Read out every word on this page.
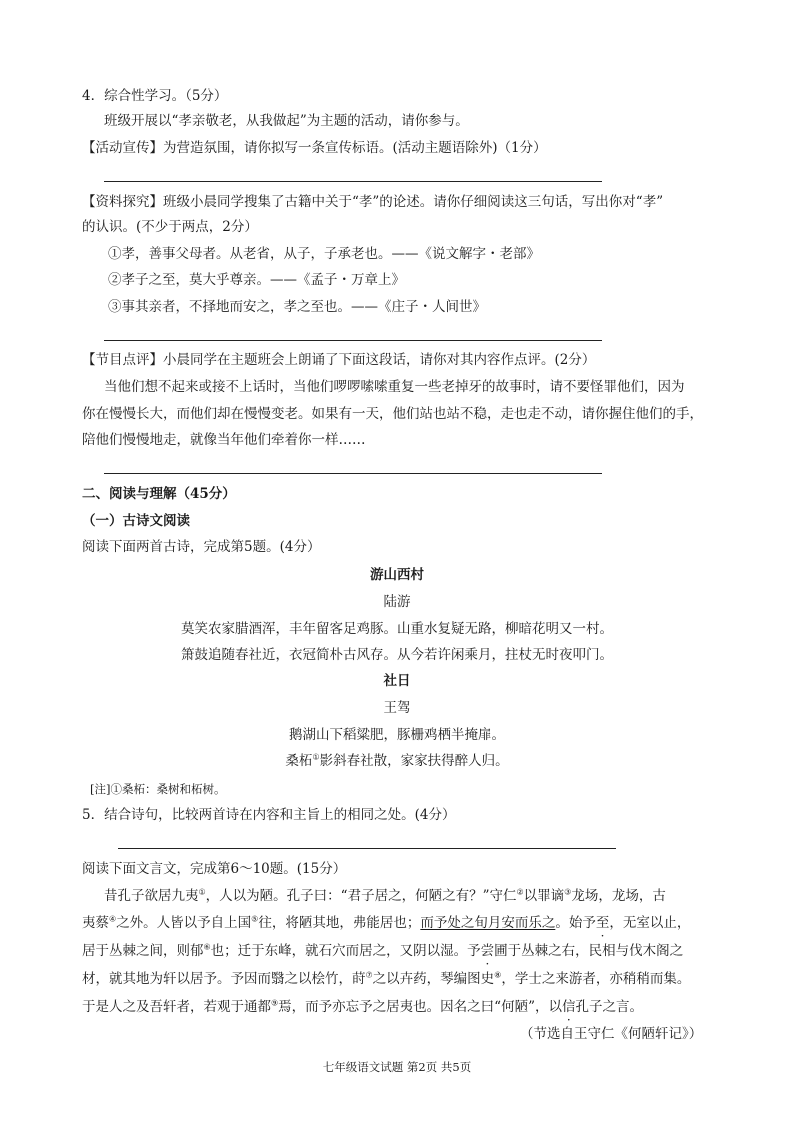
4．综合性学习。（5分）
班级开展以“孝亲敬老，从我做起”为主题的活动，请你参与。
【活动宣传】为营造氛围，请你拟写一条宣传标语。(活动主题语除外)（1分）
【资料探究】班级小晨同学搜集了古籍中关于“孝”的论述。请你仔细阅读这三句话，写出你对“孝”
的认识。(不少于两点，2分）
①孝，善事父母者。从老省，从子，子承老也。——《说文解字・老部》
②孝子之至，莫大乎尊亲。——《孟子・万章上》
③事其亲者，不择地而安之，孝之至也。——《庄子・人间世》
【节目点评】小晨同学在主题班会上朗诵了下面这段话，请你对其内容作点评。(2分）
当他们想不起来或接不上话时，当他们啰啰嗦嗦重复一些老掉牙的故事时，请不要怪罪他们，因为
你在慢慢长大，而他们却在慢慢变老。如果有一天，他们站也站不稳，走也走不动，请你握住他们的手，
陪他们慢慢地走，就像当年他们牵着你一样……
二、阅读与理解（45分）
（一）古诗文阅读
阅读下面两首古诗，完成第5题。(4分）
游山西村
陆游
莫笑农家腊酒浑，丰年留客足鸡豚。山重水复疑无路，柳暗花明又一村。
箫鼓追随春社近，衣冠简朴古风存。从今若许闲乘月，拄杖无时夜叩门。
社日
王驾
鹅湖山下稻粱肥，豚栅鸡栖半掩扉。
桑柘①影斜春社散，家家扶得醉人归。
[注]①桑柘：桑树和柘树。
5．结合诗句，比较两首诗在内容和主旨上的相同之处。(4分）
阅读下面文言文，完成第6～10题。(15分）
昔孔子欲居九夷①，人以为陋。孔子曰：“君子居之，何陋之有？”守仁②以罪谪③龙场，龙场，古
夷蔡④之外。人皆以予自上国⑤往，将陋其地，弗能居也；而予处之旬月安而乐之。始予至，无室以止，
居于丛棘之间，则郁⑥也；迁于东峰，就石穴而居之，又阴以湿。予尝圃于丛棘之右，民相与伐木阁之
材，就其地为轩以居予。予因而翳之以桧竹，莳⑦之以卉药，琴编图史⑧，学士之来游者，亦稍稍而集。
于是人之及吾轩者，若观于通都⑨焉，而予亦忘予之居夷也。因名之曰“何陋”，以信孔子之言。
（节选自王守仁《何陋轩记》）
七年级语文试题 第2页 共5页
